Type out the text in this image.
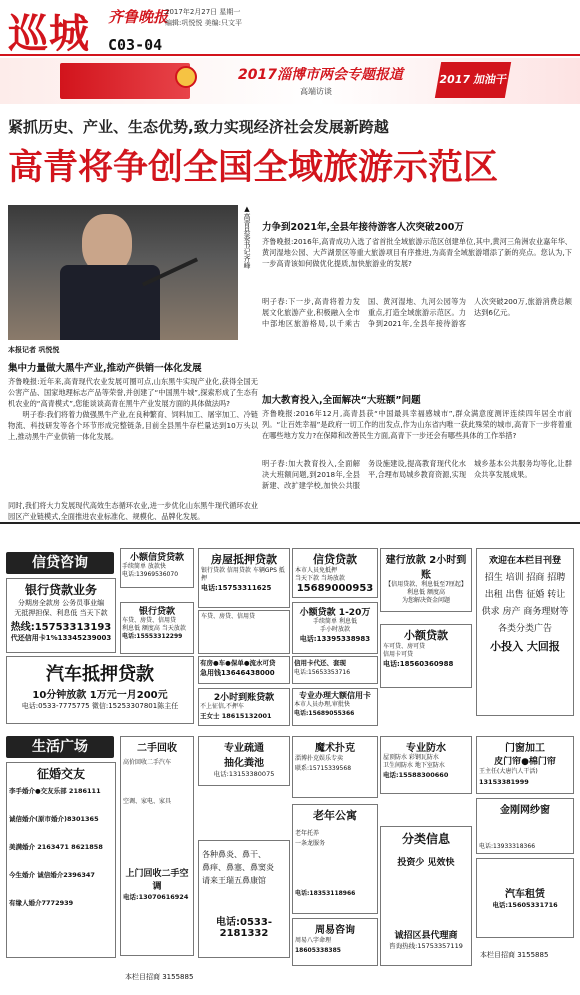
巡城 齐鲁晚报
C03-04
2017年2月27日 星期一
编辑:巩悦悦 美编:只文平
2017淄博市两会专题报道
高端访谈
2017 加油干
紧抓历史、产业、生态优势,致力实现经济社会发展新跨越
高青将争创全国全域旅游示范区
▲高青县委书记齐峰
本报记者 巩悦悦
集中力量做大黑牛产业,推动产供销一体化发展

齐鲁晚报:近年来,高青现代农业发展可圈可点,山东黑牛实现产业化,获得全国无公害产品、国家地理标志产品等荣誉,并创建了“中国黑牛城”,探索形成了生态有机农业的“高青模式”,您能谈谈高青在黑牛产业发展方面的具体做法吗?

明子春:我们将着力做强黑牛产业,在良种繁育、饲料加工、屠宰加工、冷链物流、科技研发等各个环节形成完整链条,目前全县黑牛存栏量达到10万头以上,推动黑牛产业供销一体化发展。

同时,我们将大力发展现代高效生态循环农业,进一步优化山东黑牛现代循环农业园区产业链模式,全面推进农业标准化、规模化、品牌化发展。
力争到2021年,全县年接待游客人次突破200万
齐鲁晚报:2016年,高青成功入选了省首批全域旅游示范区创建单位,其中,黄河三角洲农业嘉年华、黄河湿地公园、大芦湖景区等重大旅游项目有序推进,为高青全域旅游增添了新的亮点。您认为,下一步高青该如何做优化提质,加快旅游业的发展?
明子春:下一步,高青将着力发展文化旅游产业,积极融入全市中部地区旅游格局,以千乘古国、黄河湿地、九河公园等为重点,打造全域旅游示范区。力争到2021年,全县年接待游客人次突破200万,旅游消费总额达到6亿元。
加大教育投入,全面解决“大班额”问题
齐鲁晚报:2016年12月,高青县获“中国最具幸福感城市”,群众满意度测评连续四年居全市前列。“让百姓幸福”是政府一切工作的出发点,作为山东省内唯一获此殊荣的城市,高青下一步将着重在哪些地方发力?在保障和改善民生方面,高青下一步还会有哪些具体的工作举措?
明子春:加大教育投入,全面解决大班额问题,到2018年,全县新建、改扩建学校,加快公共服务设施建设,提高教育现代化水平,合理布局城乡教育资源,实现城乡基本公共服务均等化,让群众共享发展成果。
信贷咨询
银行贷款业务
分期房全款房 公务员事业编
无抵押担保、利息低 当天下款
热线:15753313193
代还信用卡1%13345239003
汽车抵押贷款
10分钟放款 1万元一月200元
电话:0533-7775775 微信:15253307801陈主任
小额信贷贷款
手续简单 放款快
电话:13969536070
银行贷款
车贷、房贷、信用贷
利息低 额度高 当天放款
电话:15553312299
房屋抵押贷款
银行贷款 信用贷款 车辆GPS 抵押
电话:15753311625
车贷、房贷、信用贷
信贷贷款
本市人员免抵押
当天下款 当场放款
15689000953
小额贷款 1-20万
手续简单 利息低
手小时放款
电话:13395338983
建行放款 2小时到账
【信用贷款、利息低至7厘起】
利息低 额度高
为您解决资金问题
小额贷款
车可贷、房可贷
信用卡可贷
电话:18560360988
欢迎在本栏目刊登
招生 培训 招商 招聘
出租 出售 征婚 转让
供求 房产 商务理财等
各类分类广告
小投入 大回报
有房●车●保单●流水可贷
急用钱13646438000
信用卡代还、套现
电话:15653353716
2小时到账贷款
不上征信,不押车
王女士 18615132001
专业办理大额信用卡
本市人员办理,审批快
电话:15689055366
生活广场
征婚交友
李手婚介●交友乐部 2186111
诚信婚介(原市婚介)8301365
美满婚介 2163471 8621858
今生婚介 诚信婚介2396347
有缘人婚介7772939
二手回收
高价回收二手汽车
空调、家电、家具
上门回收二手空调
电话:13070616924
专业疏通
抽化粪池
电话:13153380075
各种鼻炎、鼻干、
鼻痒、鼻塞、鼻窦炎
请来王瑞五鼻康馆
电话:0533-2181332
魔术扑克
淄博扑克娱乐专卖
联系:15715339568
老年公寓
老年托养
一条龙服务
电话:18353118966
周易咨询
周易八字命理
18605338385
专业防水
屋顶防水 彩钢瓦防水
卫生间防水 地下室防水
电话:15588300660
分类信息
投资少 见效快
诚招区县代理商
咨询热线:15753357119
门窗加工
皮门帘●棉门帘
王主任(大唐汽人干活)
13153381999
金刚网纱窗
电话:13933318366
汽车租赁
电话:15605331716
本栏目招商 3155885
本栏目招商 3155885
